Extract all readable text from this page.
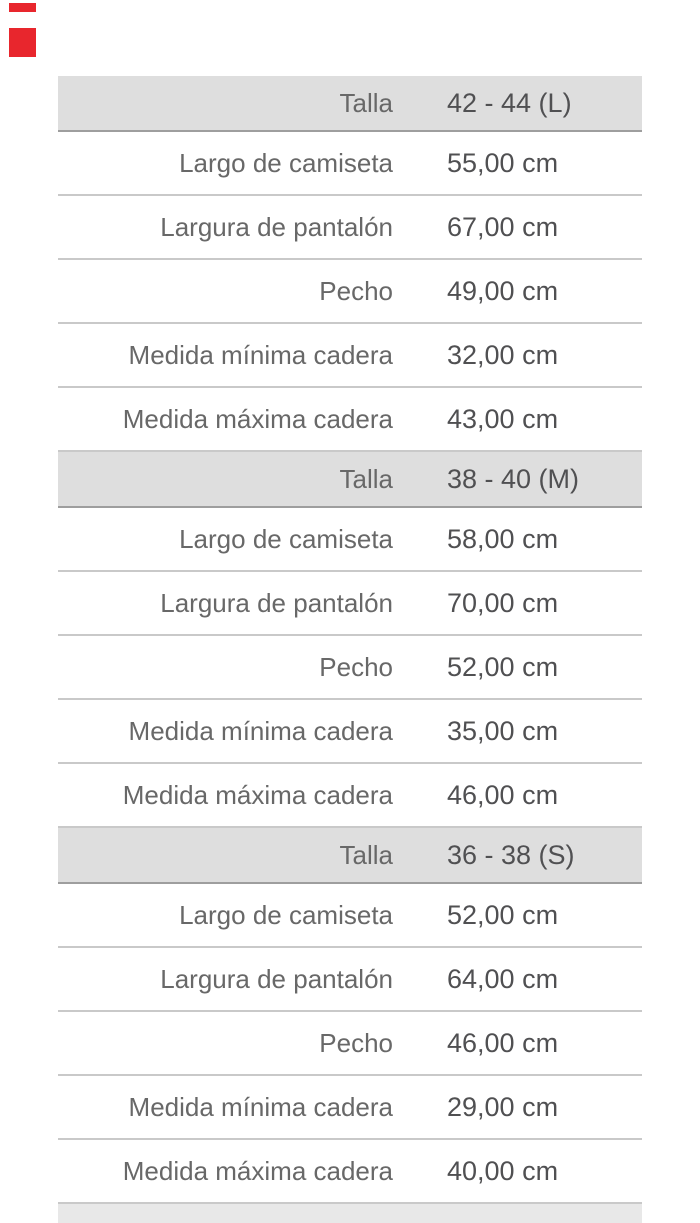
Talla	42 - 44 (L)
Largo de camiseta	55,00 cm
Largura de pantalón	67,00 cm
Pecho	49,00 cm
Medida mínima cadera	32,00 cm
Medida máxima cadera	43,00 cm
Talla	38 - 40 (M)
Largo de camiseta	58,00 cm
Largura de pantalón	70,00 cm
Pecho	52,00 cm
Medida mínima cadera	35,00 cm
Medida máxima cadera	46,00 cm
Talla	36 - 38 (S)
Largo de camiseta	52,00 cm
Largura de pantalón	64,00 cm
Pecho	46,00 cm
Medida mínima cadera	29,00 cm
Medida máxima cadera	40,00 cm
